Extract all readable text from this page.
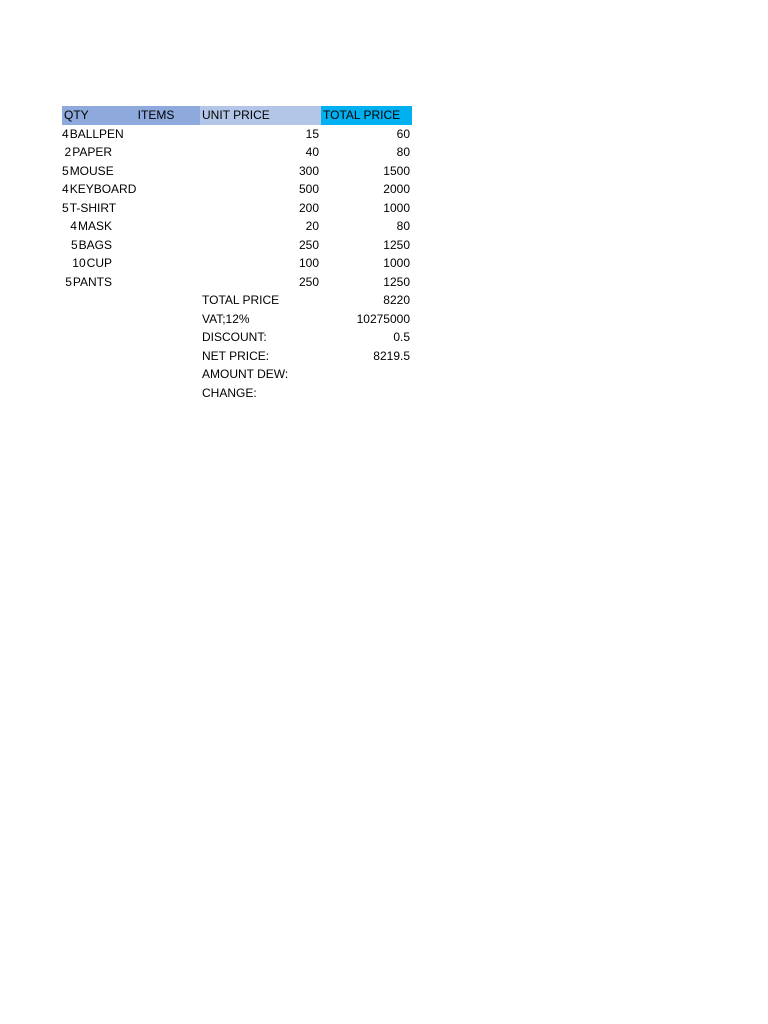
QTY	ITEMS	UNIT PRICE	TOTAL PRICE
4 BALLPEN	15	60
2 PAPER	40	80
5 MOUSE	300	1500
4 KEYBOARD	500	2000
5 T-SHIRT	200	1000
4 MASK	20	80
5 BAGS	250	1250
10 CUP	100	1000
5 PANTS	250	1250
TOTAL PRICE	8220
VAT;12%	10275000
DISCOUNT:	0.5
NET PRICE:	8219.5
AMOUNT DEW:
CHANGE:
